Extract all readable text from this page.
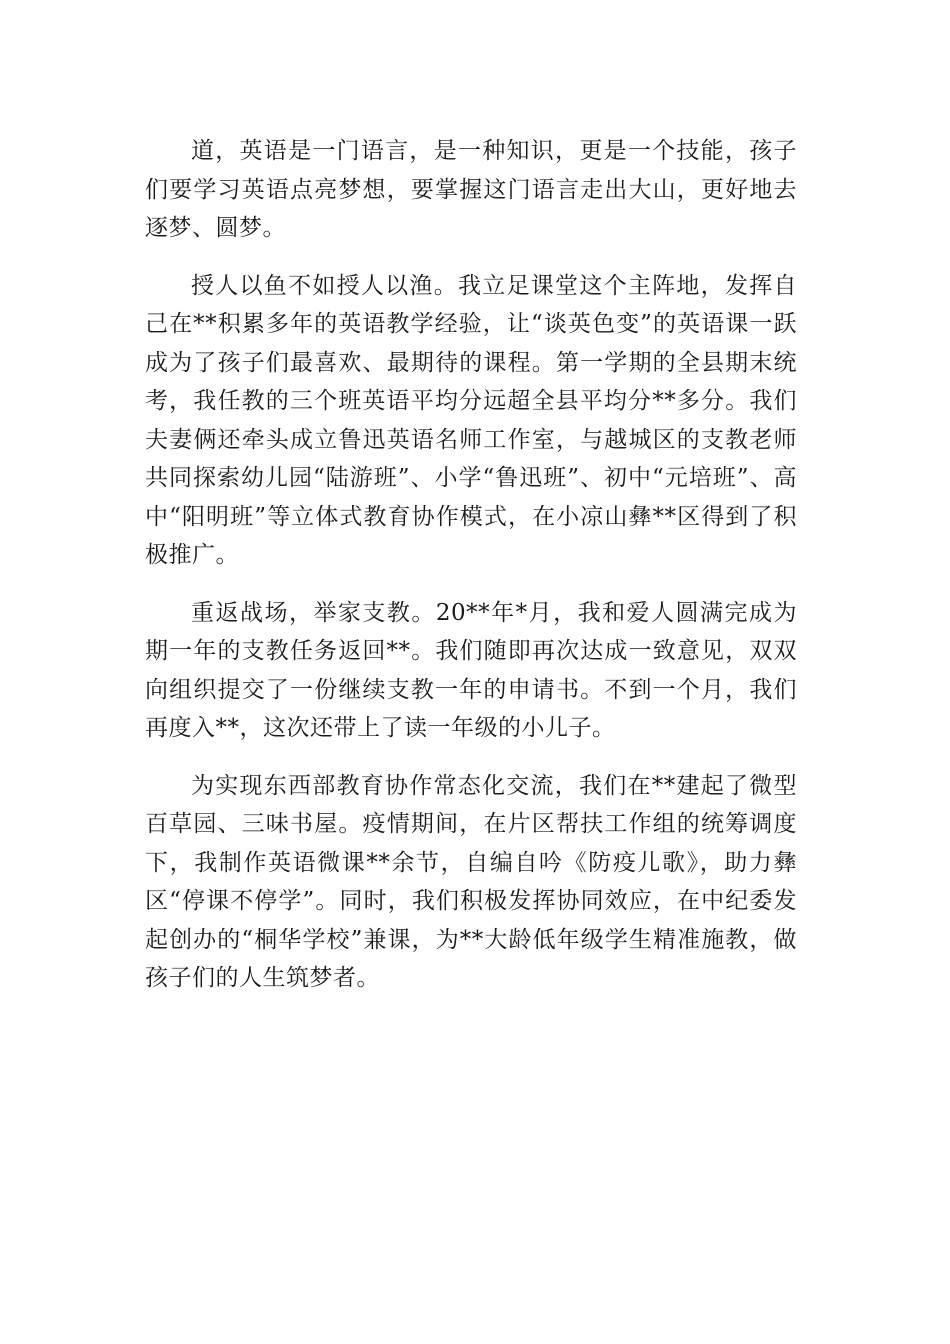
道，英语是一门语言，是一种知识，更是一个技能，孩子们要学习英语点亮梦想，要掌握这门语言走出大山，更好地去逐梦、圆梦。

授人以鱼不如授人以渔。我立足课堂这个主阵地，发挥自己在**积累多年的英语教学经验，让“谈英色变”的英语课一跃成为了孩子们最喜欢、最期待的课程。第一学期的全县期末统考，我任教的三个班英语平均分远超全县平均分**多分。我们夫妻俩还牵头成立鲁迅英语名师工作室，与越城区的支教老师共同探索幼儿园“陆游班”、小学“鲁迅班”、初中“元培班”、高中“阳明班”等立体式教育协作模式，在小凉山彝**区得到了积极推广。

重返战场，举家支教。20**年*月，我和爱人圆满完成为期一年的支教任务返回**。我们随即再次达成一致意见，双双向组织提交了一份继续支教一年的申请书。不到一个月，我们再度入**，这次还带上了读一年级的小儿子。

为实现东西部教育协作常态化交流，我们在**建起了微型百草园、三味书屋。疫情期间，在片区帮扶工作组的统筹调度下，我制作英语微课**余节，自编自吟《防疫儿歌》，助力彝区“停课不停学”。同时，我们积极发挥协同效应，在中纪委发起创办的“桐华学校”兼课，为**大龄低年级学生精准施教，做孩子们的人生筑梦者。
